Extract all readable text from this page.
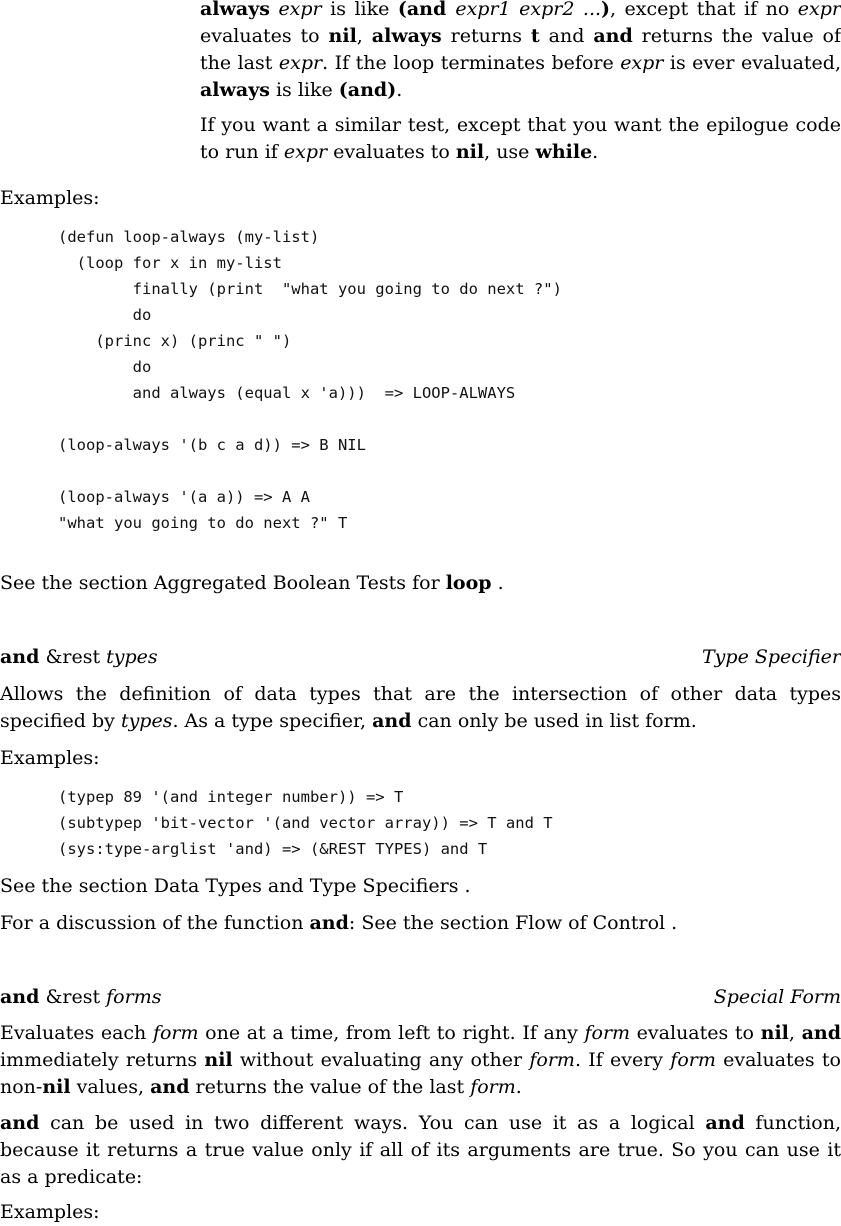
always expr is like (and expr1 expr2 ...), except that if no expr evaluates to nil, always returns t and and returns the value of the last expr. If the loop terminates before expr is ever evaluated, always is like (and).

If you want a similar test, except that you want the epilogue code to run if expr evaluates to nil, use while.

Examples:

(defun loop-always (my-list)
(loop for x in my-list
finally (print  "what you going to do next ?")
do
(princ x) (princ " ")
do
and always (equal x 'a)))  => LOOP-ALWAYS

(loop-always '(b c a d)) => B NIL

(loop-always '(a a)) => A A
"what you going to do next ?" T

See the section Aggregated Boolean Tests for loop .

and &rest types	Type Specifier

Allows the definition of data types that are the intersection of other data types specified by types. As a type specifier, and can only be used in list form.

Examples:

(typep 89 '(and integer number)) => T
(subtypep 'bit-vector '(and vector array)) => T and T
(sys:type-arglist 'and) => (&REST TYPES) and T

See the section Data Types and Type Specifiers .

For a discussion of the function and: See the section Flow of Control .

and &rest forms	Special Form

Evaluates each form one at a time, from left to right. If any form evaluates to nil, and immediately returns nil without evaluating any other form. If every form evaluates to non-nil values, and returns the value of the last form.

and can be used in two different ways. You can use it as a logical and function, because it returns a true value only if all of its arguments are true. So you can use it as a predicate:

Examples:
